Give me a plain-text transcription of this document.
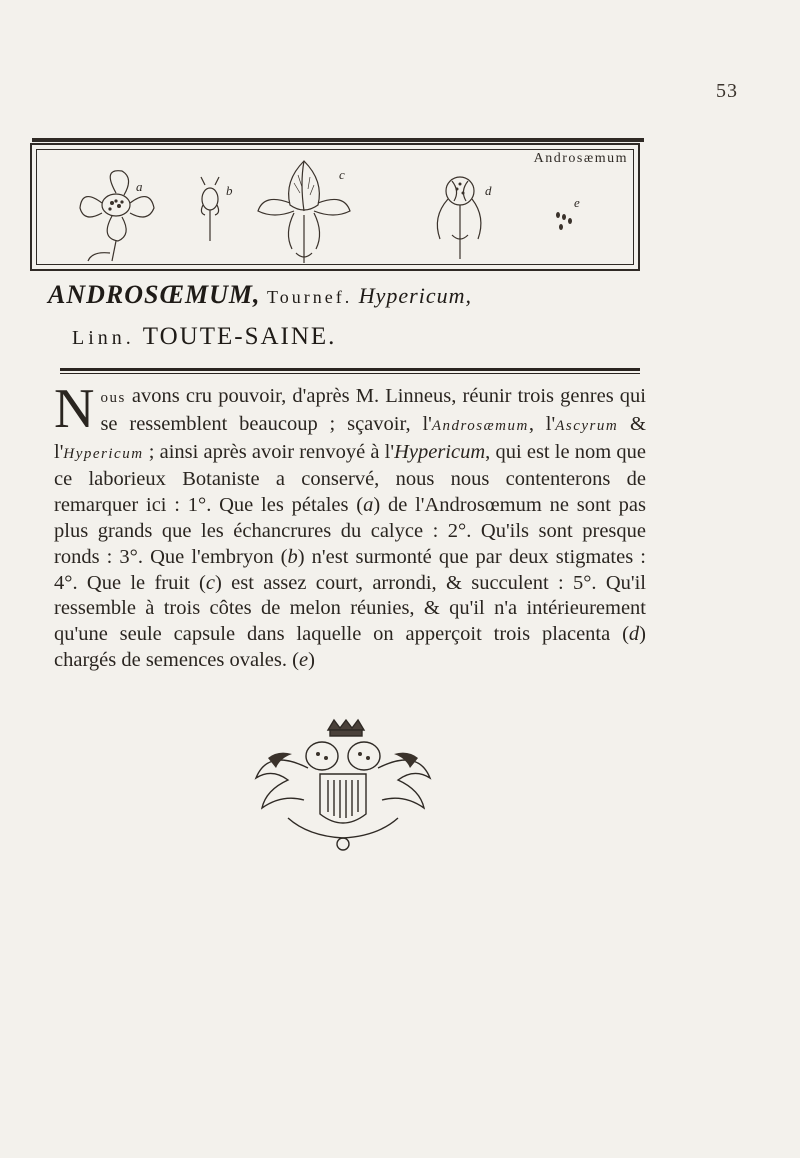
53
Androsæmum
a	b
c
d
e
ANDROSŒMUM, Tournef. Hypericum,
Linn. TOUTE-SAINE.
Nous avons cru pouvoir, d'après M. Linneus, réunir trois genres qui se ressemblent beaucoup ; sçavoir, l'Androsæmum, l'Ascyrum & l'Hypericum ; ainsi après avoir renvoyé à l'Hypericum, qui est le nom que ce laborieux Botaniste a conservé, nous nous contenterons de remarquer ici : 1°. Que les pétales (a) de l'Androsœmum ne sont pas plus grands que les échancrures du calyce : 2°. Qu'ils sont presque ronds : 3°. Que l'embryon (b) n'est surmonté que par deux stigmates : 4°. Que le fruit (c) est assez court, arrondi, & succulent : 5°. Qu'il ressemble à trois côtes de melon réunies, & qu'il n'a intérieurement qu'une seule capsule dans laquelle on apperçoit trois placenta (d) chargés de semences ovales. (e)
